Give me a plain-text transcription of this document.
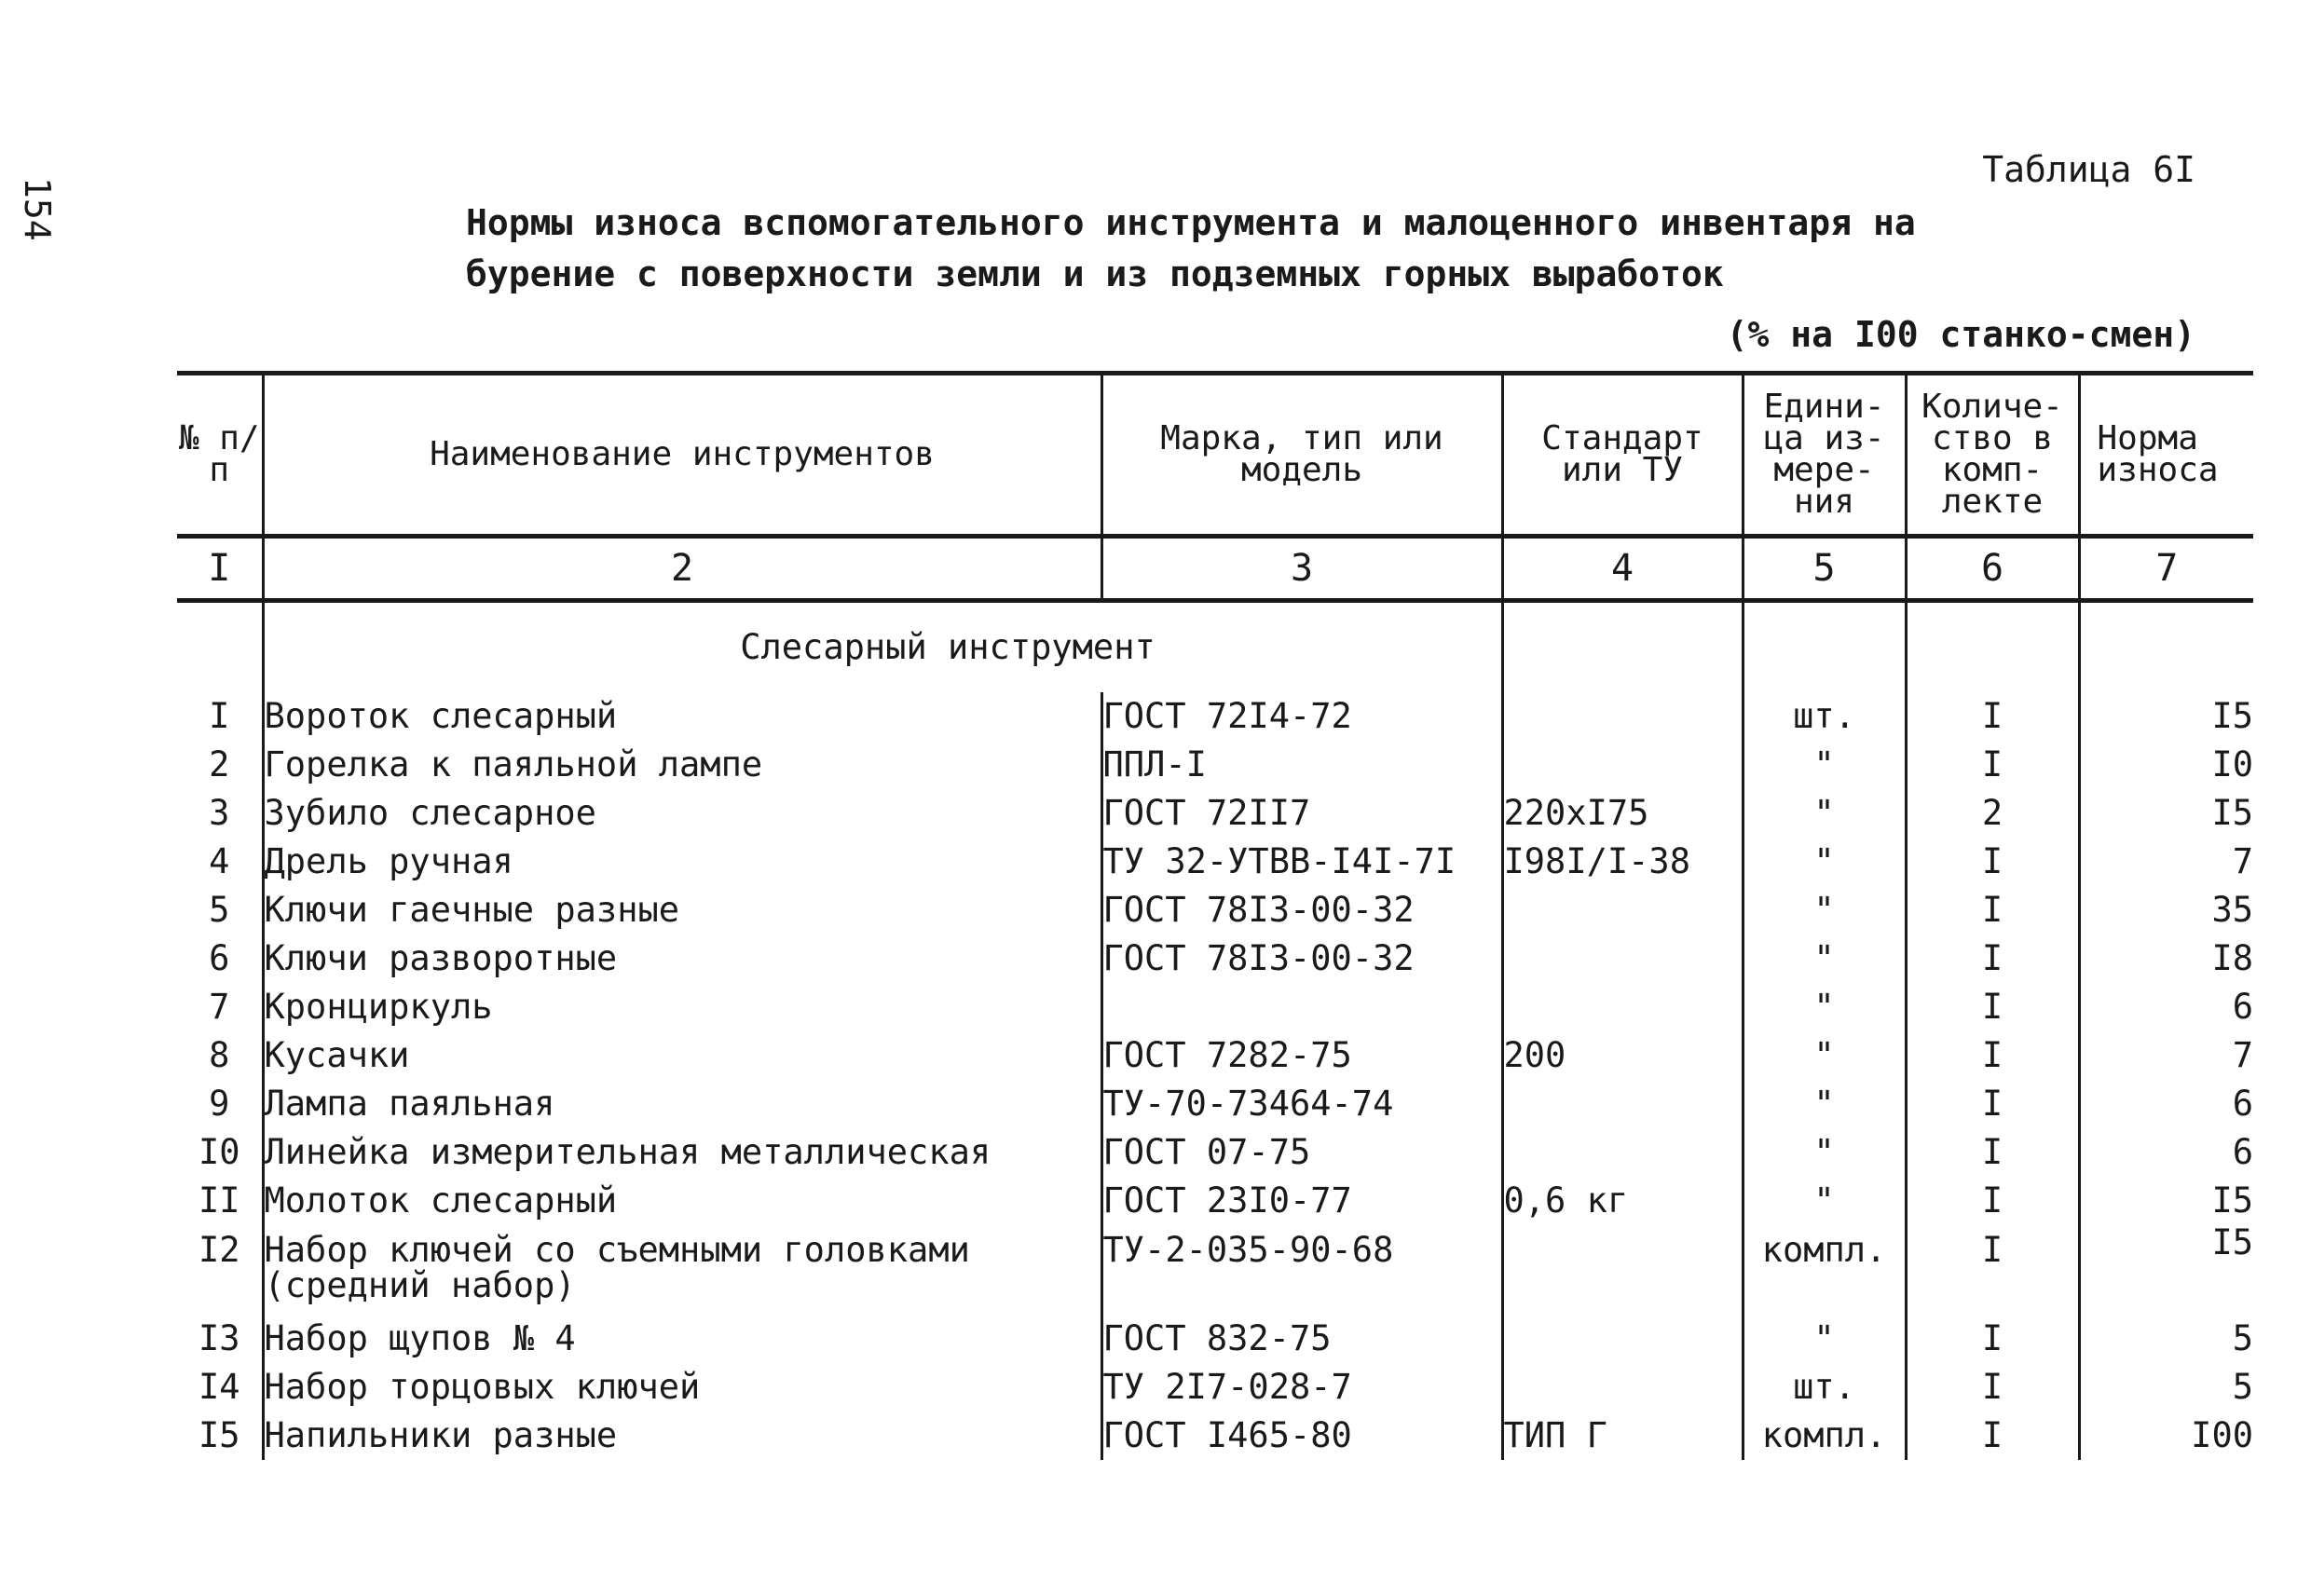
154
Таблица 6I
Нормы износа вспомогательного инструмента и малоценного инвентаря на
бурение с поверхности земли и из подземных горных выработок
(% на I00 станко-смен)
№ п/п	Наименование инструментов	Марка, тип или модель	Стандарт или ТУ	Едини-ца из-мере-ния	Количе-ство в комп-лекте	Норма износа
I	2	3	4	5	6	7
	Слесарный инструмент					
I	Вороток слесарный	ГОСТ 72I4-72		шт.	I	I5
2	Горелка к паяльной лампе	ППЛ-I		"	I	I0
3	Зубило слесарное	ГОСТ 72II7	220xI75	"	2	I5
4	Дрель ручная	ТУ 32-УТВВ-I4I-7I	I98I/I-38	"	I	7
5	Ключи гаечные разные	ГОСТ 78I3-00-32		"	I	35
6	Ключи разворотные	ГОСТ 78I3-00-32		"	I	I8
7	Кронциркуль			"	I	6
8	Кусачки	ГОСТ 7282-75	200	"	I	7
9	Лампа паяльная	ТУ-70-73464-74		"	I	6
I0	Линейка измерительная металлическая	ГОСТ 07-75		"	I	6
II	Молоток слесарный	ГОСТ 23I0-77	0,6 кг	"	I	I5
I2	Набор ключей со съемными головками
(средний набор)	ТУ-2-035-90-68		компл.	I	I5
I3	Набор щупов № 4	ГОСТ 832-75		"	I	5
I4	Набор торцовых ключей	ТУ 2I7-028-7		шт.	I	5
I5	Напильники разные	ГОСТ I465-80	ТИП Г	компл.	I	I00
